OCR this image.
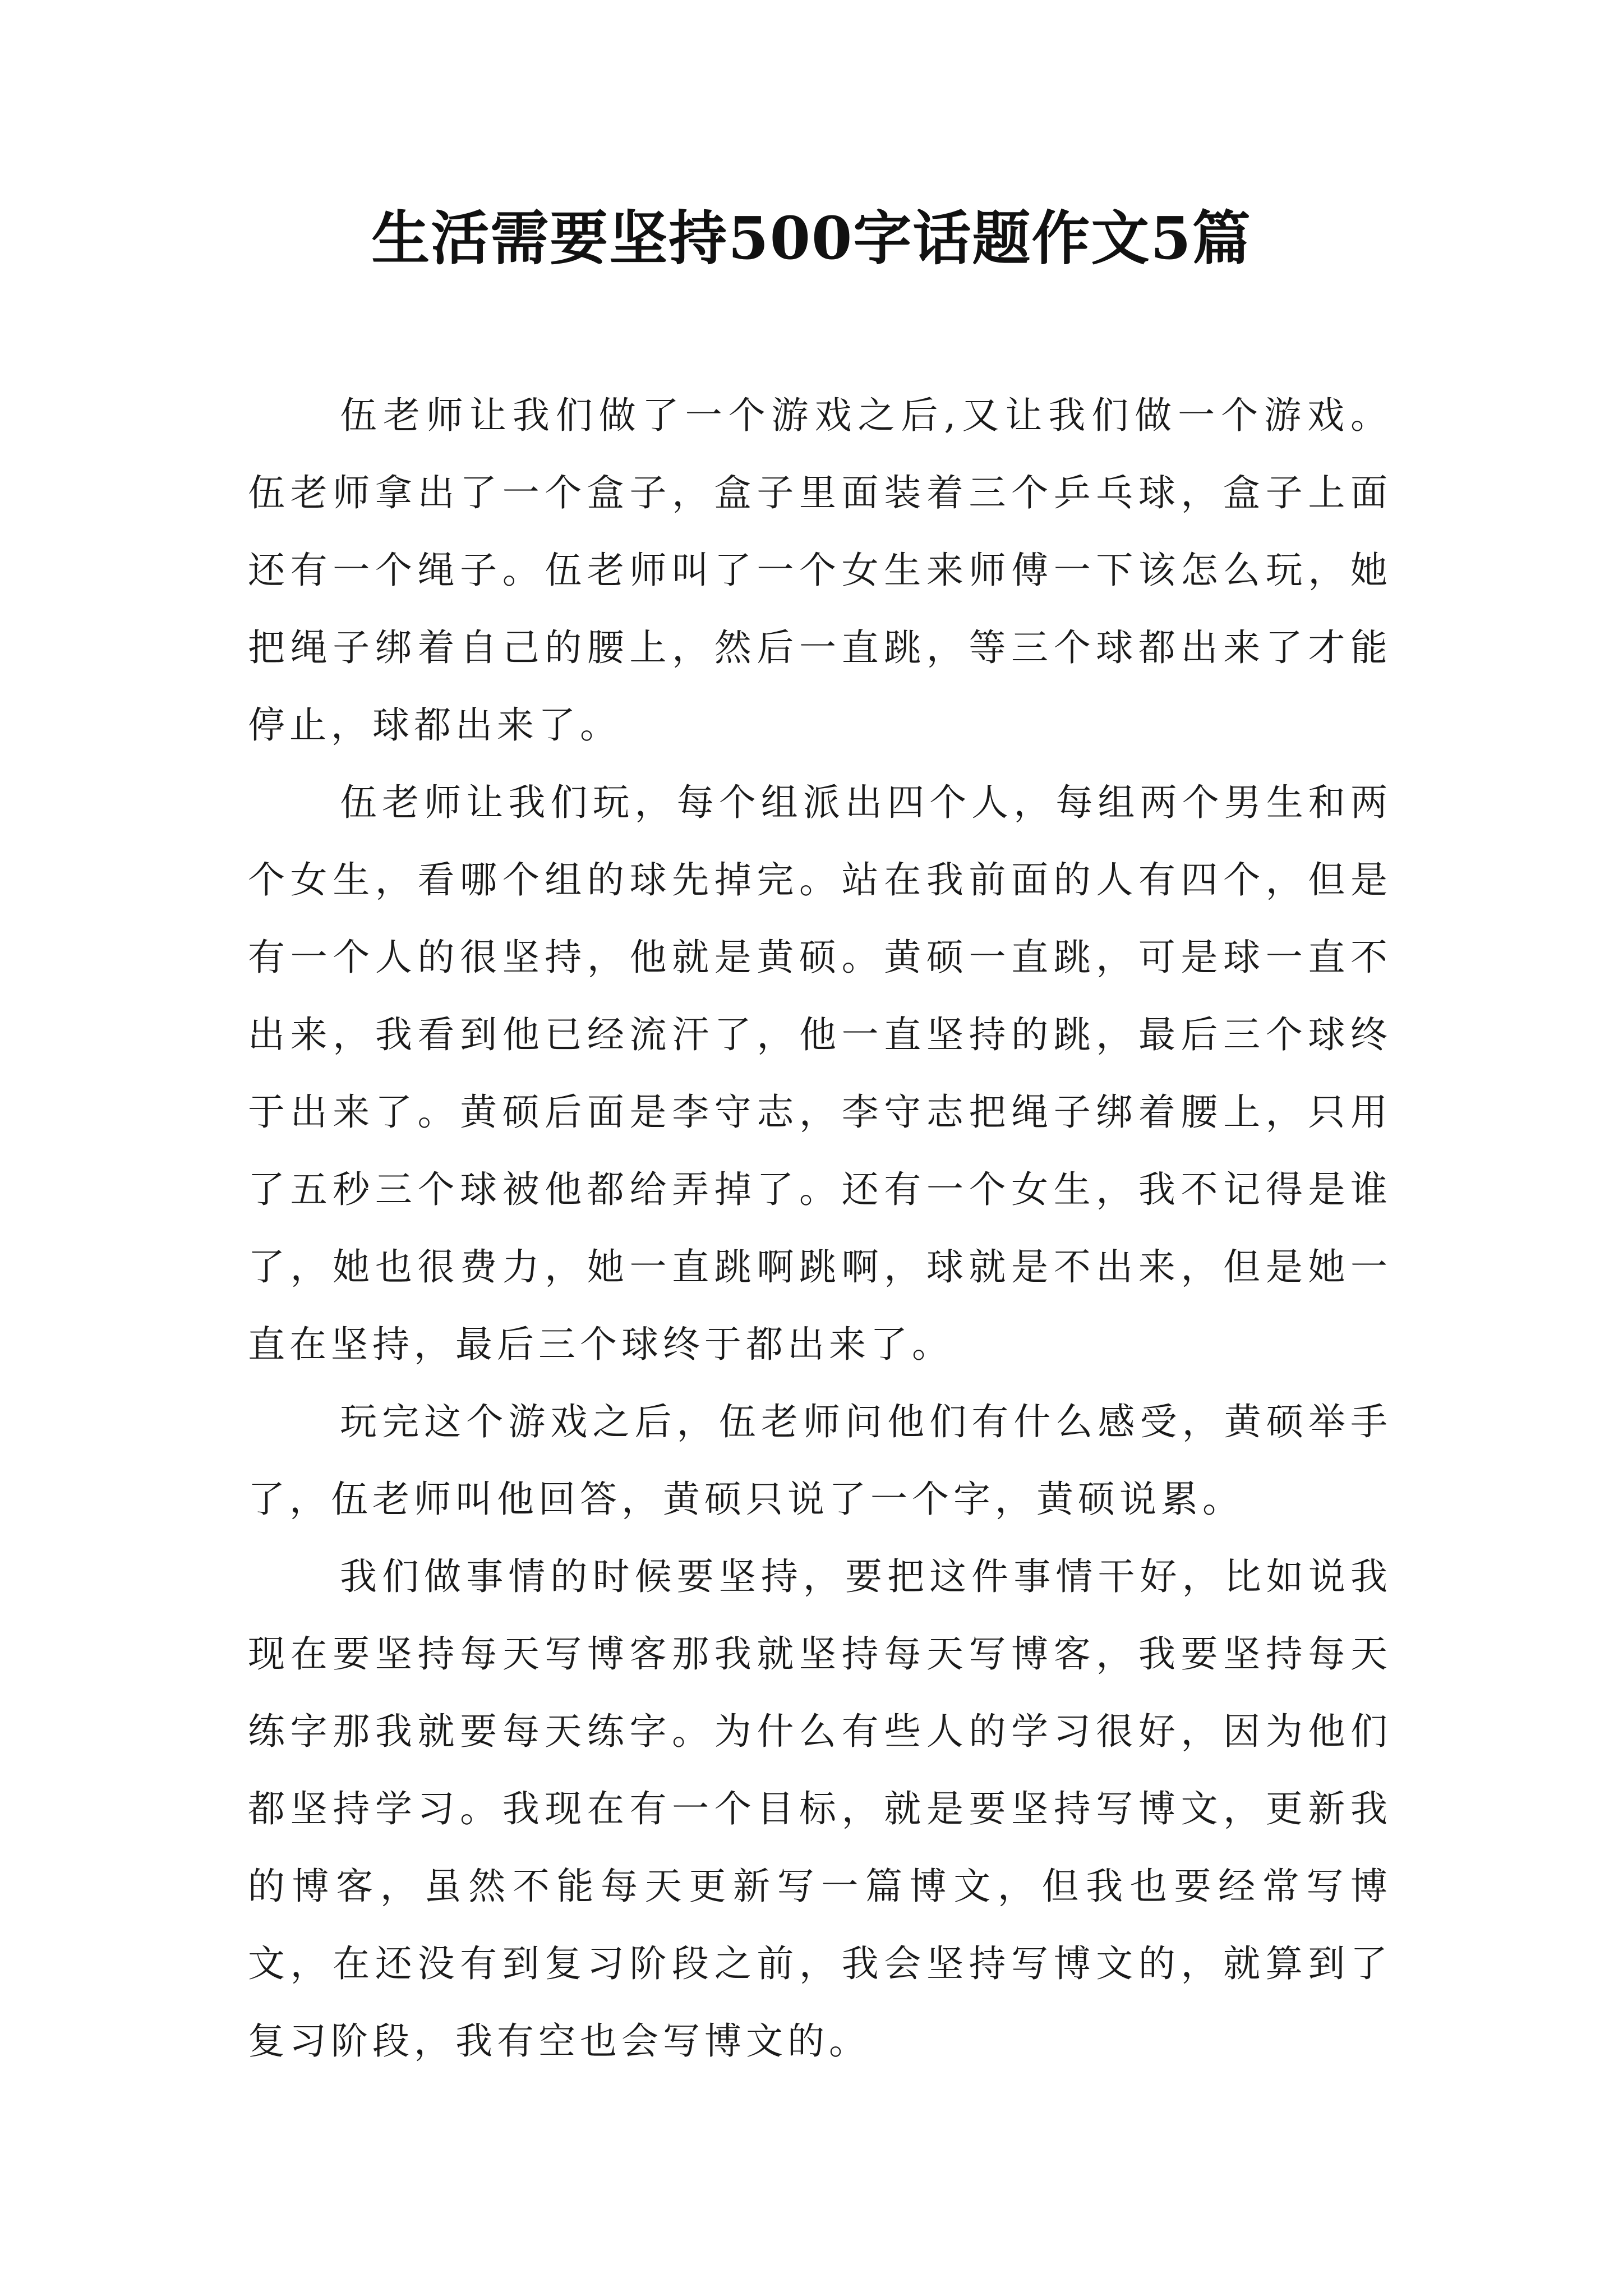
生活需要坚持500字话题作文5篇

伍老师让我们做了一个游戏之后,又让我们做一个游戏。伍老师拿出了一个盒子，盒子里面装着三个乒乓球，盒子上面还有一个绳子。伍老师叫了一个女生来师傅一下该怎么玩，她把绳子绑着自己的腰上，然后一直跳，等三个球都出来了才能停止，球都出来了。

伍老师让我们玩，每个组派出四个人，每组两个男生和两个女生，看哪个组的球先掉完。站在我前面的人有四个，但是有一个人的很坚持，他就是黄硕。黄硕一直跳，可是球一直不出来，我看到他已经流汗了，他一直坚持的跳，最后三个球终于出来了。黄硕后面是李守志，李守志把绳子绑着腰上，只用了五秒三个球被他都给弄掉了。还有一个女生，我不记得是谁了，她也很费力，她一直跳啊跳啊，球就是不出来，但是她一直在坚持，最后三个球终于都出来了。

玩完这个游戏之后，伍老师问他们有什么感受，黄硕举手了，伍老师叫他回答，黄硕只说了一个字，黄硕说累。

我们做事情的时候要坚持，要把这件事情干好，比如说我现在要坚持每天写博客那我就坚持每天写博客，我要坚持每天练字那我就要每天练字。为什么有些人的学习很好，因为他们都坚持学习。我现在有一个目标，就是要坚持写博文，更新我的博客，虽然不能每天更新写一篇博文，但我也要经常写博文，在还没有到复习阶段之前，我会坚持写博文的，就算到了复习阶段，我有空也会写博文的。
